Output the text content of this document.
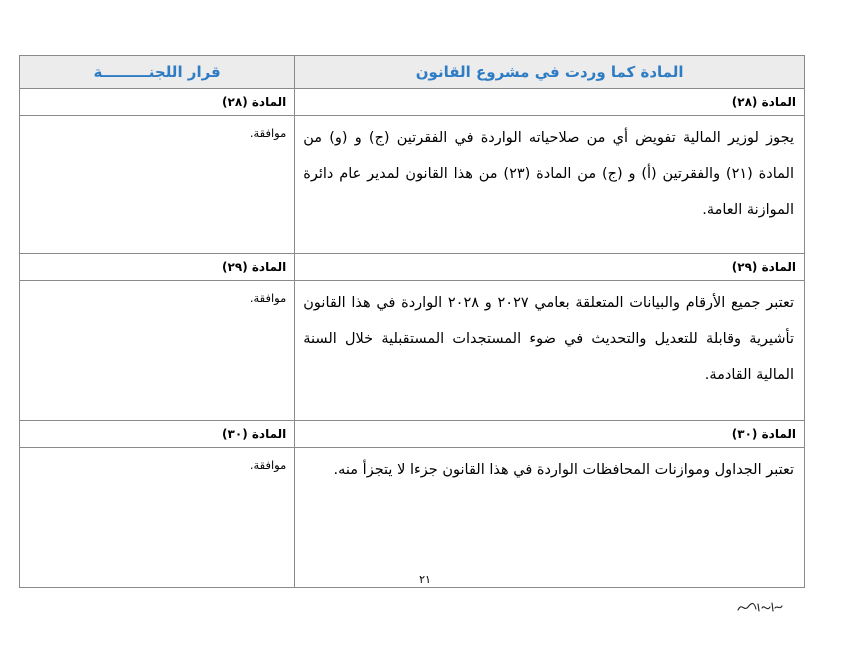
المادة كما وردت في مشروع القانون	قرار اللجنـــــــــة
المادة (٢٨)	المادة (٢٨)
يجوز لوزير المالية تفويض أي من صلاحياته الواردة في الفقرتين (ج) و (و) من المادة (٢١) والفقرتين (أ) و (ج) من المادة (٢٣) من هذا القانون لمدير عام دائرة الموازنة العامة.	موافقة.
المادة (٢٩)	المادة (٢٩)
تعتبر جميع الأرقام والبيانات المتعلقة بعامي ٢٠٢٧ و ٢٠٢٨ الواردة في هذا القانون تأشيرية وقابلة للتعديل والتحديث في ضوء المستجدات المستقبلية خلال السنة المالية القادمة.	موافقة.
المادة (٣٠)	المادة (٣٠)
تعتبر الجداول وموازنات المحافظات الواردة في هذا القانون جزءا لا يتجزأ منه.	موافقة.
٢١
